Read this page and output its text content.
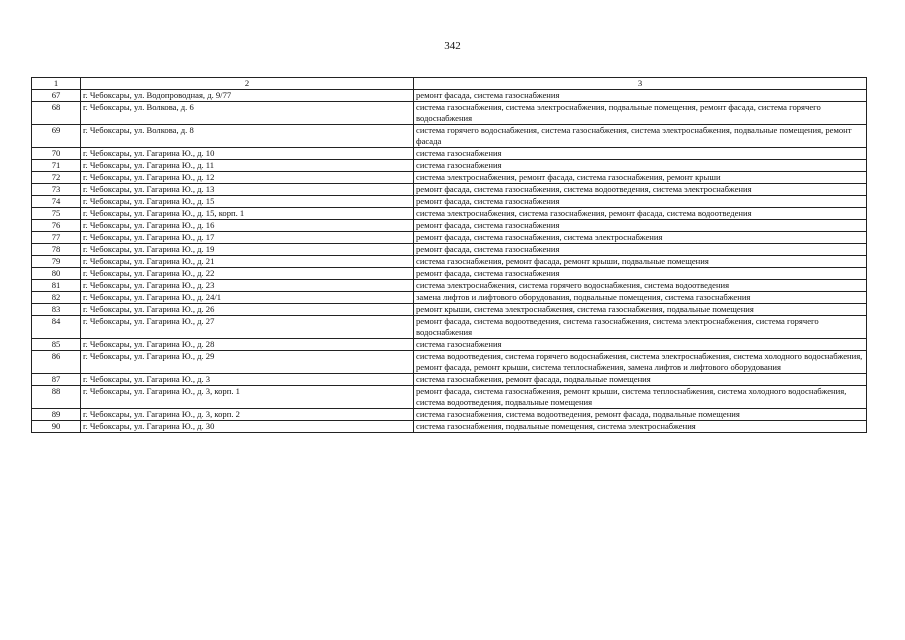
342
1	2	3
67	г. Чебоксары, ул. Водопроводная, д. 9/77	ремонт фасада, система газоснабжения
68	г. Чебоксары, ул. Волкова, д. 6	система газоснабжения, система электроснабжения, подвальные помещения, ремонт фасада, система горячего водоснабжения
69	г. Чебоксары, ул. Волкова, д. 8	система горячего водоснабжения, система газоснабжения, система электроснабжения, подвальные помещения, ремонт фасада
70	г. Чебоксары, ул. Гагарина Ю., д. 10	система газоснабжения
71	г. Чебоксары, ул. Гагарина Ю., д. 11	система газоснабжения
72	г. Чебоксары, ул. Гагарина Ю., д. 12	система электроснабжения, ремонт фасада, система газоснабжения, ремонт крыши
73	г. Чебоксары, ул. Гагарина Ю., д. 13	ремонт фасада, система газоснабжения, система водоотведения, система электроснабжения
74	г. Чебоксары, ул. Гагарина Ю., д. 15	ремонт фасада, система газоснабжения
75	г. Чебоксары, ул. Гагарина Ю., д. 15, корп. 1	система электроснабжения, система газоснабжения, ремонт фасада, система водоотведения
76	г. Чебоксары, ул. Гагарина Ю., д. 16	ремонт фасада, система газоснабжения
77	г. Чебоксары, ул. Гагарина Ю., д. 17	ремонт фасада, система газоснабжения, система электроснабжения
78	г. Чебоксары, ул. Гагарина Ю., д. 19	ремонт фасада, система газоснабжения
79	г. Чебоксары, ул. Гагарина Ю., д. 21	система газоснабжения, ремонт фасада, ремонт крыши, подвальные помещения
80	г. Чебоксары, ул. Гагарина Ю., д. 22	ремонт фасада, система газоснабжения
81	г. Чебоксары, ул. Гагарина Ю., д. 23	система электроснабжения, система горячего водоснабжения, система водоотведения
82	г. Чебоксары, ул. Гагарина Ю., д. 24/1	замена лифтов и лифтового оборудования, подвальные помещения, система газоснабжения
83	г. Чебоксары, ул. Гагарина Ю., д. 26	ремонт крыши, система электроснабжения, система газоснабжения, подвальные помещения
84	г. Чебоксары, ул. Гагарина Ю., д. 27	ремонт фасада, система водоотведения, система газоснабжения, система электроснабжения, система горячего водоснабжения
85	г. Чебоксары, ул. Гагарина Ю., д. 28	система газоснабжения
86	г. Чебоксары, ул. Гагарина Ю., д. 29	система водоотведения, система горячего водоснабжения, система электроснабжения, система холодного водоснабжения, ремонт фасада, ремонт крыши, система теплоснабжения, замена лифтов и лифтового оборудования
87	г. Чебоксары, ул. Гагарина Ю., д. 3	система газоснабжения, ремонт фасада, подвальные помещения
88	г. Чебоксары, ул. Гагарина Ю., д. 3, корп. 1	ремонт фасада, система газоснабжения, ремонт крыши, система теплоснабжения, система холодного водоснабжения, система водоотведения, подвальные помещения
89	г. Чебоксары, ул. Гагарина Ю., д. 3, корп. 2	система газоснабжения, система водоотведения, ремонт фасада, подвальные помещения
90	г. Чебоксары, ул. Гагарина Ю., д. 30	система газоснабжения, подвальные помещения, система электроснабжения
